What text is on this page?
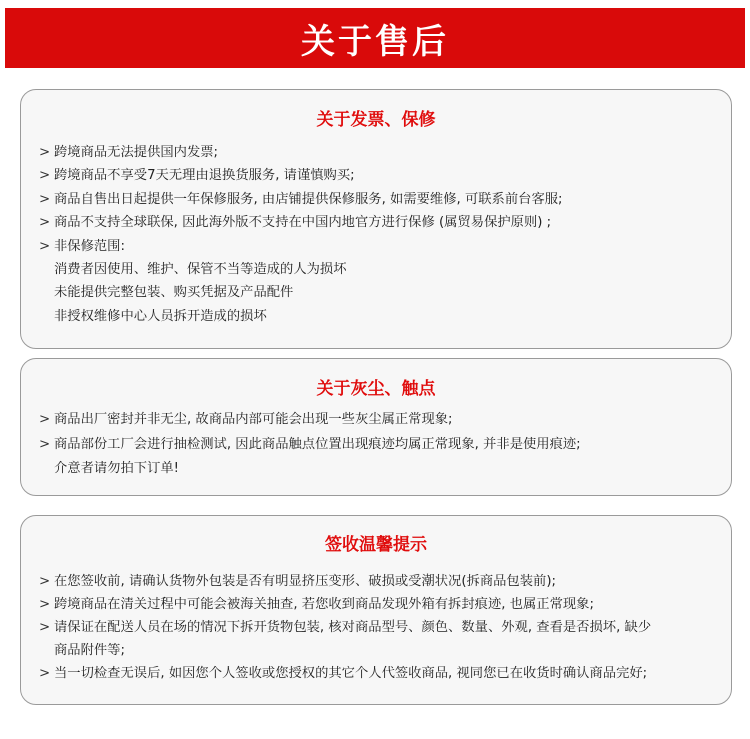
关于售后
关于发票、保修
> 跨境商品无法提供国内发票;
> 跨境商品不享受7天无理由退换货服务, 请谨慎购买;
> 商品自售出日起提供一年保修服务, 由店铺提供保修服务, 如需要维修, 可联系前台客服;
> 商品不支持全球联保, 因此海外版不支持在中国内地官方进行保修 (属贸易保护原则) ;
> 非保修范围:
消费者因使用、维护、保管不当等造成的人为损坏
未能提供完整包装、购买凭据及产品配件
非授权维修中心人员拆开造成的损坏
关于灰尘、触点
> 商品出厂密封并非无尘, 故商品内部可能会出现一些灰尘属正常现象;
> 商品部份工厂会进行抽检测试, 因此商品触点位置出现痕迹均属正常现象, 并非是使用痕迹;
介意者请勿拍下订单!
签收温馨提示
> 在您签收前, 请确认货物外包装是否有明显挤压变形、破损或受潮状况(拆商品包装前);
> 跨境商品在清关过程中可能会被海关抽查, 若您收到商品发现外箱有拆封痕迹, 也属正常现象;
> 请保证在配送人员在场的情况下拆开货物包装, 核对商品型号、颜色、数量、外观, 查看是否损坏, 缺少
商品附件等;
> 当一切检查无误后, 如因您个人签收或您授权的其它个人代签收商品, 视同您已在收货时确认商品完好;
